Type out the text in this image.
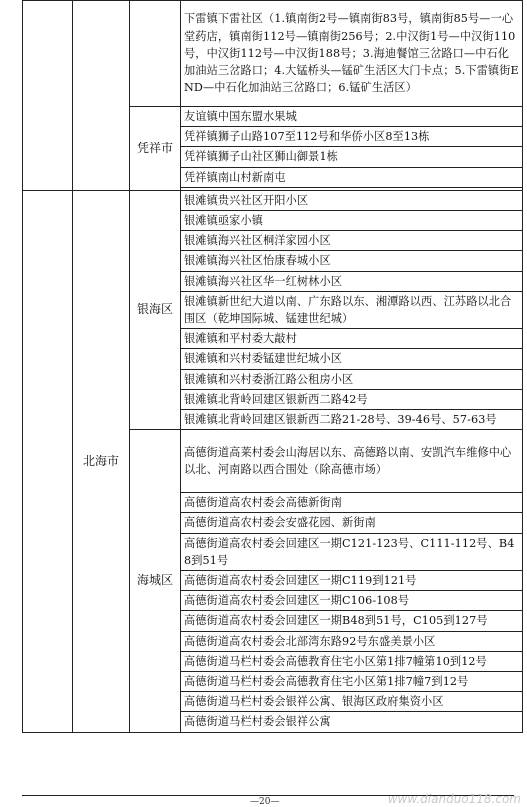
			下雷镇下雷社区（1.镇南街2号—镇南街83号，镇南街85号—一心堂药店，镇南街112号—镇南街256号；2.中汉街1号—中汉街110号，中汉街112号—中汉街188号；3.海迪餐馆三岔路口—中石化加油站三岔路口；4.大锰桥头—锰矿生活区大门卡点；5.下雷镇街END—中石化加油站三岔路口；6.锰矿生活区）
		凭祥市	友谊镇中国东盟水果城
			凭祥镇狮子山路107至112号和华侨小区8至13栋
			凭祥镇狮子山社区狮山御景1栋
			凭祥镇南山村新南屯

	北海市	银海区	银滩镇贵兴社区开阳小区
			银滩镇亟家小镇
			银滩镇海兴社区桐洋家园小区
			银滩镇海兴社区怡康春城小区
			银滩镇海兴社区华一红树林小区
			银滩镇新世纪大道以南、广东路以东、湘潭路以西、江苏路以北合围区（乾坤国际城、锰建世纪城）
			银滩镇和平村委大敲村
			银滩镇和兴村委锰建世纪城小区
			银滩镇和兴村委浙江路公租房小区
			银滩镇北背岭回建区银新西二路42号
			银滩镇北背岭回建区银新西二路21-28号、39-46号、57-63号
		海城区	高德街道高莱村委会山海居以东、高德路以南、安凯汽车维修中心以北、河南路以西合围处（除高德市场）
			高德街道高农村委会高德新街南
			高德街道高农村委会安盛花园、新街南
			高德街道高农村委会回建区一期C121-123号、C111-112号、B48到51号
			高德街道高农村委会回建区一期C119到121号
			高德街道高农村委会回建区一期C106-108号
			高德街道高农村委会回建区一期B48到51号，C105到127号
			高德街道高农村委会北部湾东路92号东盛美景小区
			高德街道马栏村委会高德教育住宅小区第1排7幢第10到12号
			高德街道马栏村委会高德教育住宅小区第1排7幢7到12号
			高德街道马栏村委会银祥公寓、银海区政府集资小区
			高德街道马栏村委会银祥公寓
—20—	www.dianduo118.com
